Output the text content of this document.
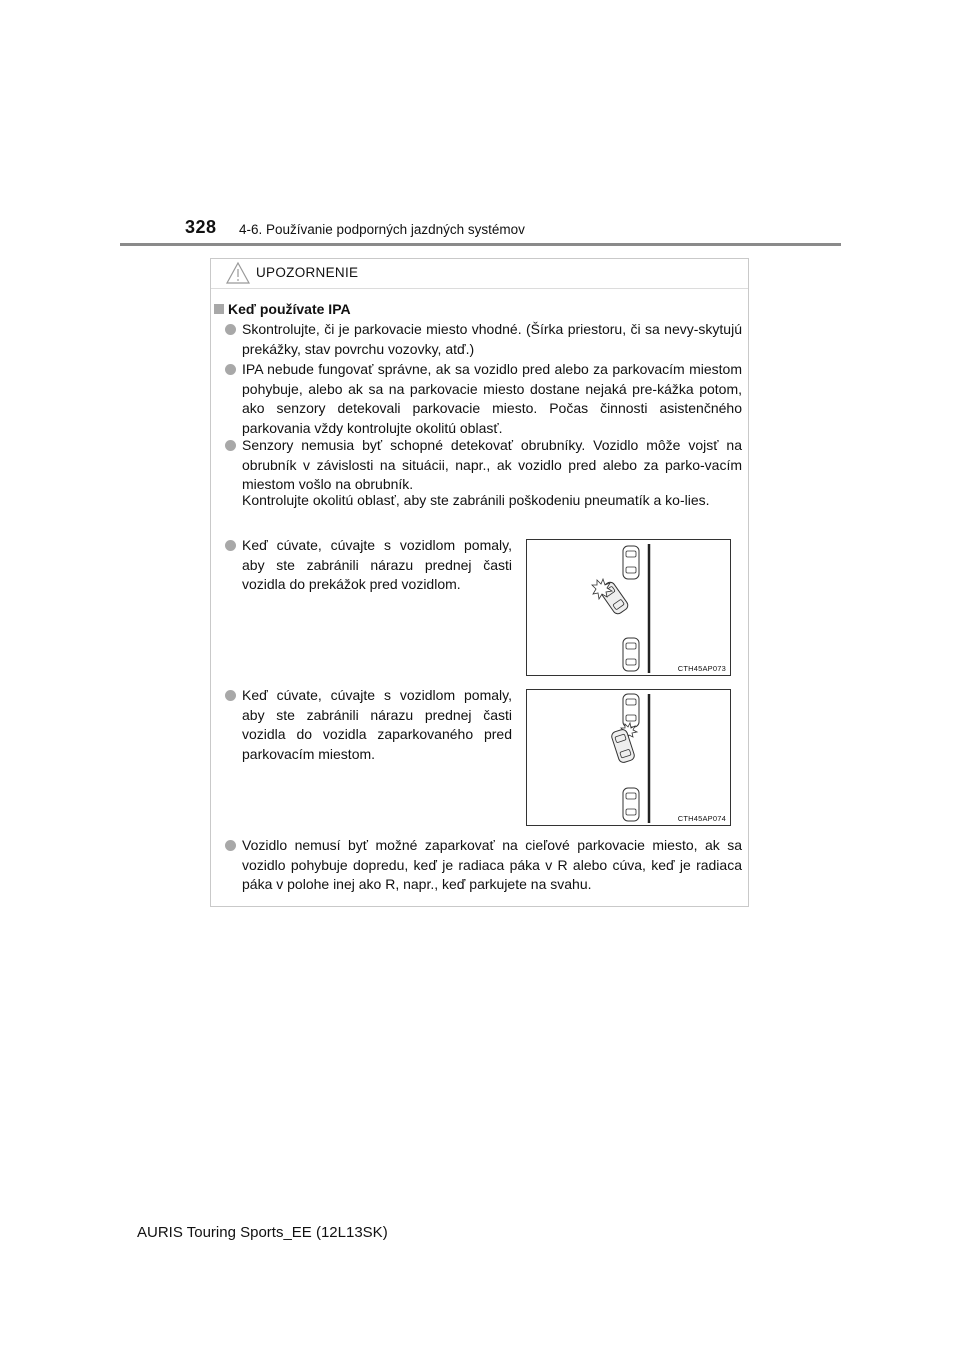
328 4-6. Používanie podporných jazdných systémov
UPOZORNENIE
Keď používate IPA
Skontrolujte, či je parkovacie miesto vhodné. (Šírka priestoru, či sa nevy-skytujú prekážky, stav povrchu vozovky, atď.)
IPA nebude fungovať správne, ak sa vozidlo pred alebo za parkovacím miestom pohybuje, alebo ak sa na parkovacie miesto dostane nejaká pre-kážka potom, ako senzory detekovali parkovacie miesto. Počas činnosti asistenčného parkovania vždy kontrolujte okolitú oblasť.
Senzory nemusia byť schopné detekovať obrubníky. Vozidlo môže vojsť na obrubník v závislosti na situácii, napr., ak vozidlo pred alebo za parko-vacím miestom vošlo na obrubník.
Kontrolujte okolitú oblasť, aby ste zabránili poškodeniu pneumatík a ko-lies.
Keď cúvate, cúvajte s vozidlom pomaly, aby ste zabránili nárazu prednej časti vozidla do prekážok pred vozidlom.
CTH45AP073
Keď cúvate, cúvajte s vozidlom pomaly, aby ste zabránili nárazu prednej časti vozidla do vozidla zaparkovaného pred parkovacím miestom.
CTH45AP074
Vozidlo nemusí byť možné zaparkovať na cieľové parkovacie miesto, ak sa vozidlo pohybuje dopredu, keď je radiaca páka v R alebo cúva, keď je radiaca páka v polohe inej ako R, napr., keď parkujete na svahu.
AURIS Touring Sports_EE (12L13SK)
